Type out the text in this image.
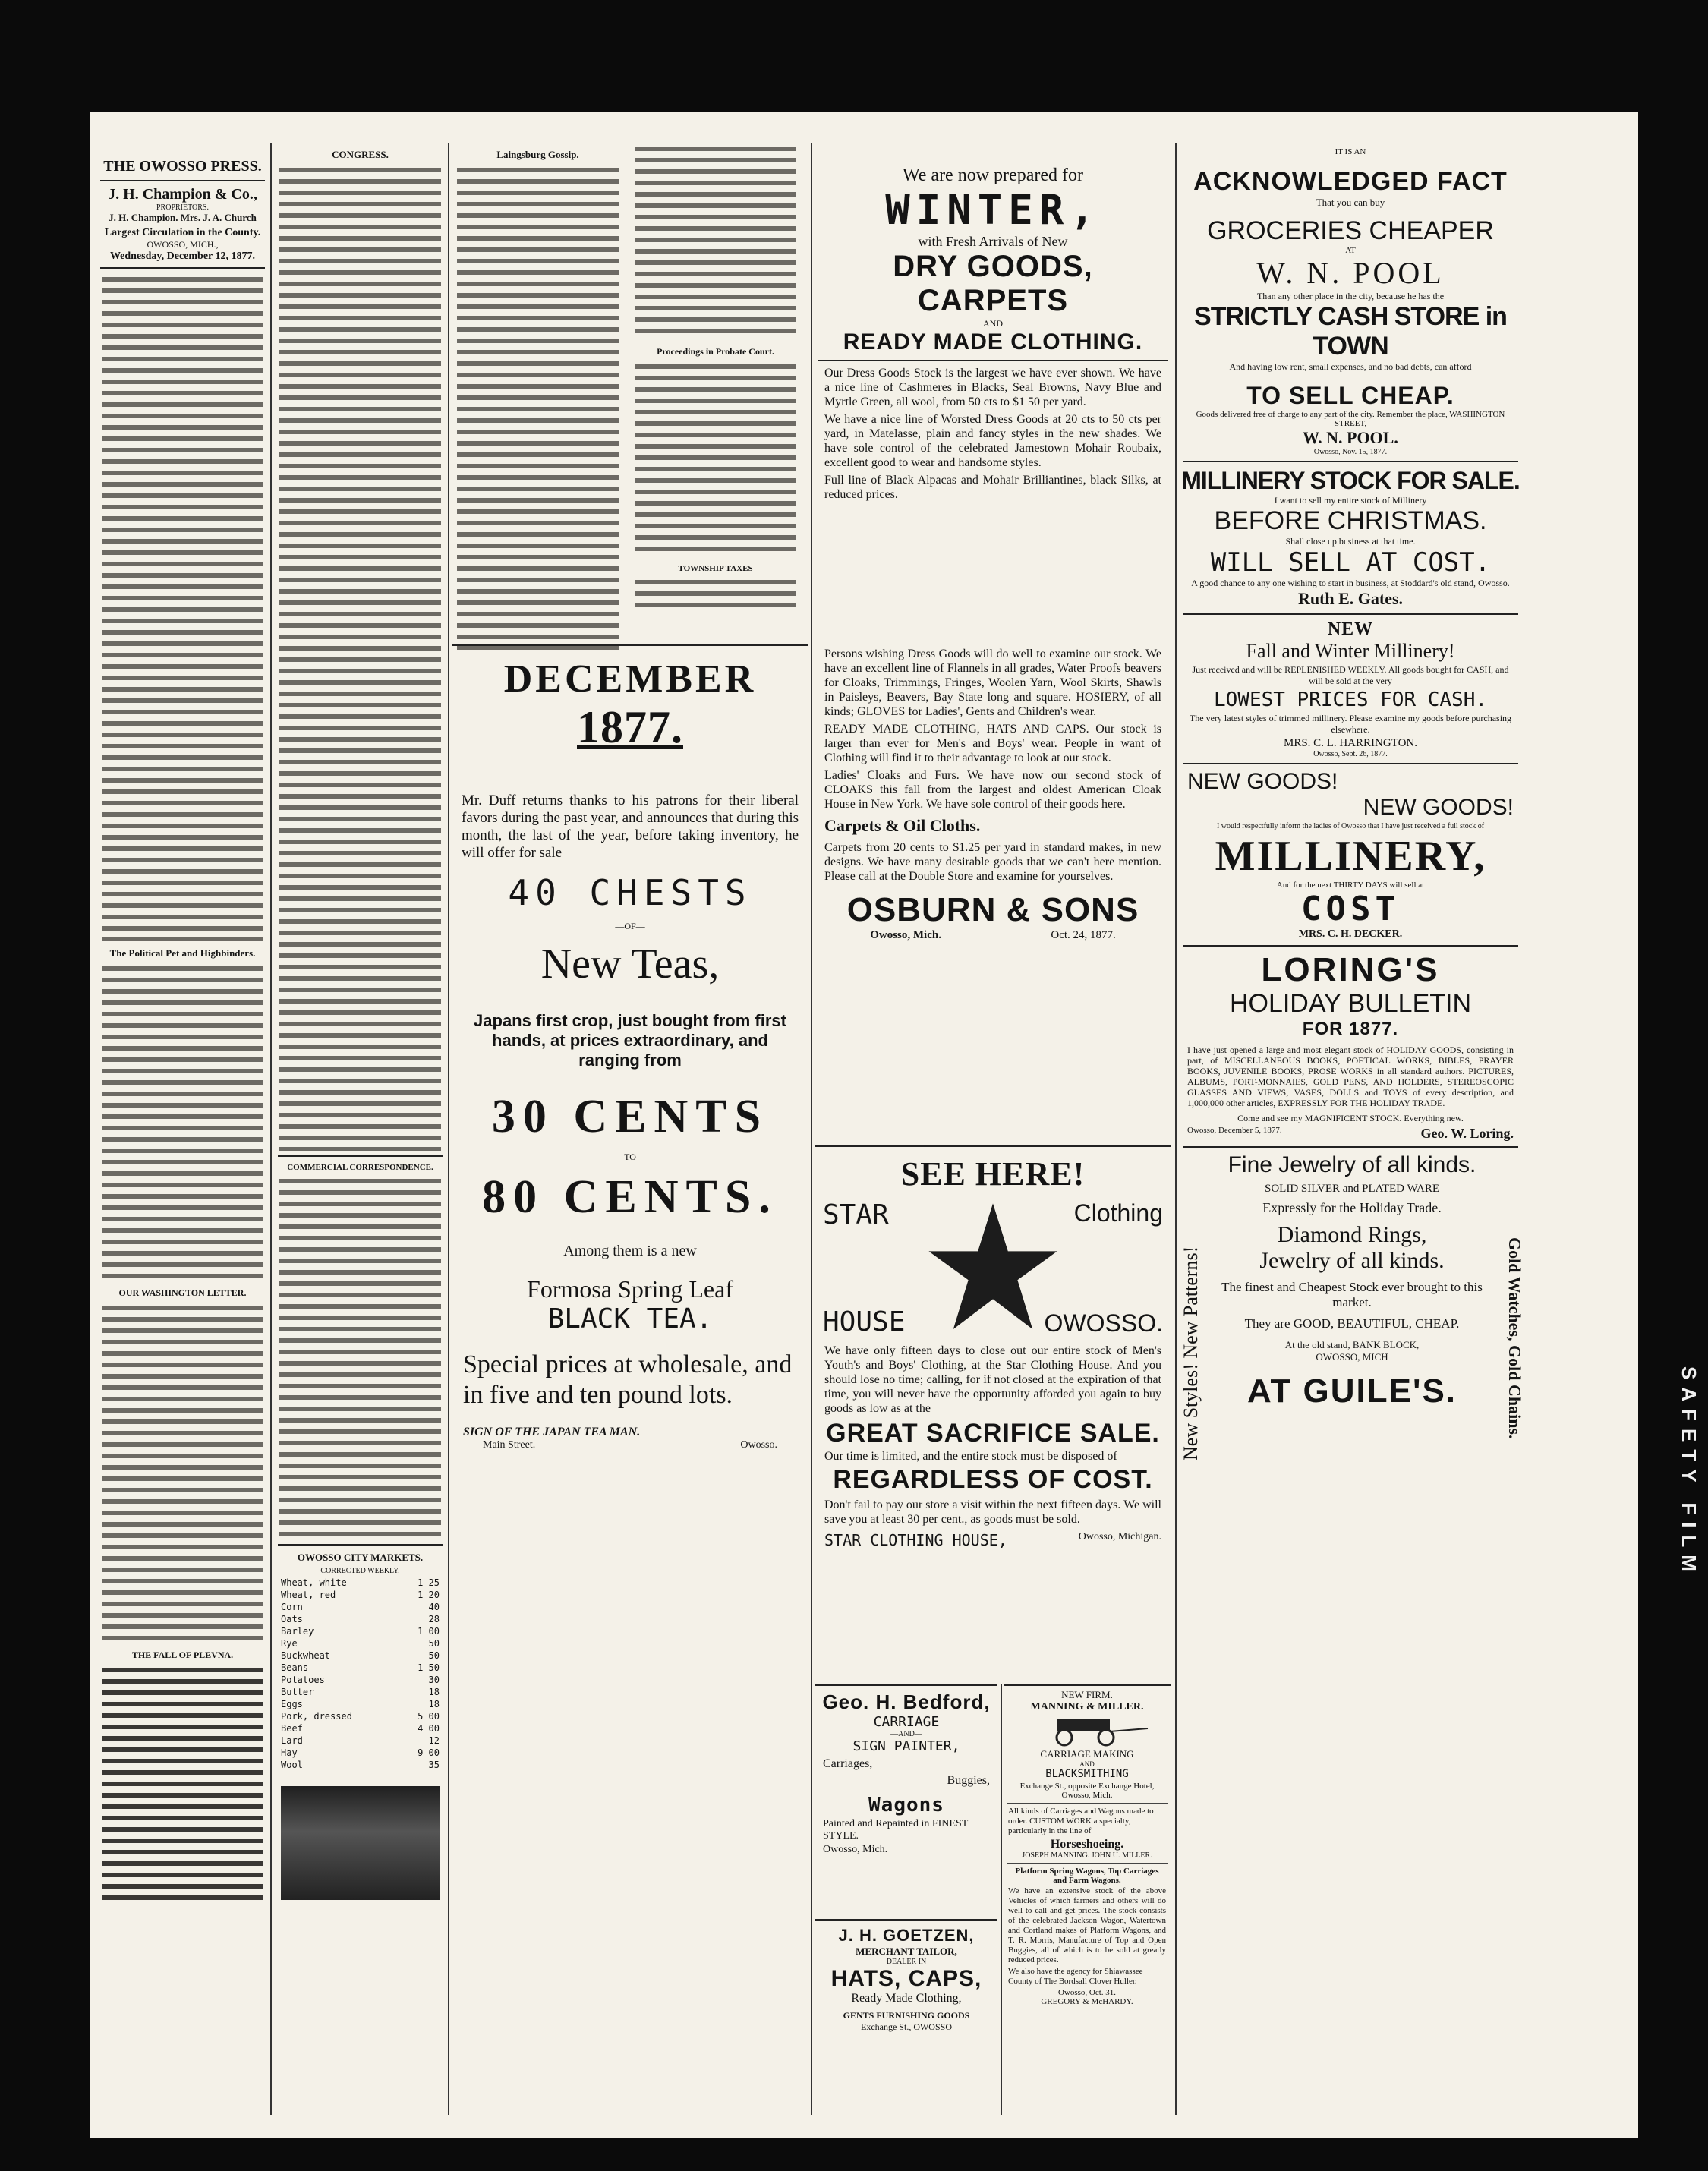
THE OWOSSO PRESS.
J. H. Champion & Co.,
PROPRIETORS.
J. H. Champion. Mrs. J. A. Church
Largest Circulation in the County.
OWOSSO, MICH.,
Wednesday, December 12, 1877.
The Political Pet and Highbinders.
OUR WASHINGTON LETTER.
THE FALL OF PLEVNA.
CONGRESS.
COMMERCIAL CORRESPONDENCE.
OWOSSO CITY MARKETS.
CORRECTED WEEKLY.
Wheat, white	1 25
Wheat, red	1 20
Corn	40
Oats	28
Barley	1 00
Rye	50
Buckwheat	50
Beans	1 50
Potatoes	30
Butter	18
Eggs	18
Pork, dressed	5 00
Beef	4 00
Lard	12
Hay	9 00
Wool	35
Laingsburg Gossip.
Proceedings in Probate Court.
TOWNSHIP TAXES
DECEMBER
1877.

Mr. Duff returns thanks to his patrons for their liberal favors during the past year, and announces that during this month, the last of the year, before taking inventory, he will offer for sale

40 CHESTS
—OF—
New Teas,

Japans first crop, just bought from first hands, at prices extraordinary, and ranging from

30 CENTS
—TO—
80 CENTS.
Among them is a new
Formosa Spring Leaf
BLACK TEA.

Special prices at wholesale, and in five and ten pound lots.

SIGN OF THE JAPAN TEA MAN.
Main Street.	Owosso.
We are now prepared for
WINTER,
with Fresh Arrivals of New
DRY GOODS,
CARPETS
AND
READY MADE CLOTHING.

Our Dress Goods Stock is the largest we have ever shown. We have a nice line of Cashmeres in Blacks, Seal Browns, Navy Blue and Myrtle Green, all wool, from 50 cts to $1 50 per yard.

We have a nice line of Worsted Dress Goods at 20 cts to 50 cts per yard, in Matelasse, plain and fancy styles in the new shades. We have sole control of the celebrated Jamestown Mohair Roubaix, excellent good to wear and handsome styles.

Full line of Black Alpacas and Mohair Brilliantines, black Silks, at reduced prices.

Persons wishing Dress Goods will do well to examine our stock. We have an excellent line of Flannels in all grades, Water Proofs beavers for Cloaks, Trimmings, Fringes, Woolen Yarn, Wool Skirts, Shawls in Paisleys, Beavers, Bay State long and square. HOSIERY, of all kinds; GLOVES for Ladies', Gents and Children's wear.

READY MADE CLOTHING, HATS AND CAPS. Our stock is larger than ever for Men's and Boys' wear. People in want of Clothing will find it to their advantage to look at our stock.

Ladies' Cloaks and Furs. We have now our second stock of CLOAKS this fall from the largest and oldest American Cloak House in New York. We have sole control of their goods here.

Carpets & Oil Cloths.

Carpets from 20 cents to $1.25 per yard in standard makes, in new designs. We have many desirable goods that we can't here mention. Please call at the Double Store and examine for yourselves.

OSBURN & SONS
Owosso, Mich.	Oct. 24, 1877.
SEE HERE!
STAR	Clothing
HOUSE	OWOSSO.

We have only fifteen days to close out our entire stock of Men's Youth's and Boys' Clothing, at the Star Clothing House. And you should lose no time; calling, for if not closed at the expiration of that time, you will never have the opportunity afforded you again to buy goods as low as at the

GREAT SACRIFICE SALE.

Our time is limited, and the entire stock must be disposed of

REGARDLESS OF COST.

Don't fail to pay our store a visit within the next fifteen days. We will save you at least 30 per cent., as goods must be sold.

STAR CLOTHING HOUSE,	Owosso, Michigan.
Geo. H. Bedford,
CARRIAGE
—AND—
SIGN PAINTER,
Carriages,
Buggies,
Wagons
Painted and Repainted in FINEST STYLE.
Owosso, Mich.
J. H. GOETZEN,
MERCHANT TAILOR,
DEALER IN
HATS, CAPS,
Ready Made Clothing,
GENTS FURNISHING GOODS
Exchange St., OWOSSO
NEW FIRM.
MANNING & MILLER.
CARRIAGE MAKING
AND
BLACKSMITHING
Exchange St., opposite Exchange Hotel, Owosso, Mich.

All kinds of Carriages and Wagons made to order. CUSTOM WORK a specialty, particularly in the line of

Horseshoeing.
JOSEPH MANNING. JOHN U. MILLER.
Platform Spring Wagons, Top Carriages and Farm Wagons.

We have an extensive stock of the above Vehicles of which farmers and others will do well to call and get prices. The stock consists of the celebrated Jackson Wagon, Watertown and Cortland makes of Platform Wagons, and T. R. Morris, Manufacture of Top and Open Buggies, all of which is to be sold at greatly reduced prices.

We also have the agency for Shiawassee County of The Bordsall Clover Huller.

Owosso, Oct. 31.
GREGORY & McHARDY.
IT IS AN
ACKNOWLEDGED FACT
That you can buy
GROCERIES CHEAPER
—AT—
W. N. POOL
Than any other place in the city, because he has the
STRICTLY CASH STORE in TOWN
And having low rent, small expenses, and no bad debts, can afford
TO SELL CHEAP.
Goods delivered free of charge to any part of the city. Remember the place, WASHINGTON STREET,
W. N. POOL.
Owosso, Nov. 15, 1877.
MILLINERY STOCK FOR SALE.
I want to sell my entire stock of Millinery
BEFORE CHRISTMAS.
Shall close up business at that time.
WILL SELL AT COST.
A good chance to any one wishing to start in business, at Stoddard's old stand, Owosso.
Ruth E. Gates.
NEW
Fall and Winter Millinery!
Just received and will be REPLENISHED WEEKLY. All goods bought for CASH, and will be sold at the very
LOWEST PRICES FOR CASH.
The very latest styles of trimmed millinery. Please examine my goods before purchasing elsewhere.
MRS. C. L. HARRINGTON.
Owosso, Sept. 26, 1877.
NEW GOODS!
NEW GOODS!
I would respectfully inform the ladies of Owosso that I have just received a full stock of
MILLINERY,
And for the next THIRTY DAYS will sell at
COST
MRS. C. H. DECKER.
LORING'S
HOLIDAY BULLETIN
FOR 1877.

I have just opened a large and most elegant stock of HOLIDAY GOODS, consisting in part, of MISCELLANEOUS BOOKS, POETICAL WORKS, BIBLES, PRAYER BOOKS, JUVENILE BOOKS, PROSE WORKS in all standard authors. PICTURES, ALBUMS, PORT-MONNAIES, GOLD PENS, AND HOLDERS, STEREOSCOPIC GLASSES AND VIEWS, VASES, DOLLS and TOYS of every description, and 1,000,000 other articles, EXPRESSLY FOR THE HOLIDAY TRADE.

Come and see my MAGNIFICENT STOCK. Everything new.
Owosso, December 5, 1877.	Geo. W. Loring.
New Styles! New Patterns!	Gold Watches, Gold Chains.
Fine Jewelry of all kinds.
SOLID SILVER and PLATED WARE
Expressly for the Holiday Trade.
Diamond Rings,
Jewelry of all kinds.
The finest and Cheapest Stock ever brought to this market.
They are GOOD, BEAUTIFUL, CHEAP.
At the old stand, BANK BLOCK,
OWOSSO, MICH
AT GUILE'S.	SAFETY FILM
